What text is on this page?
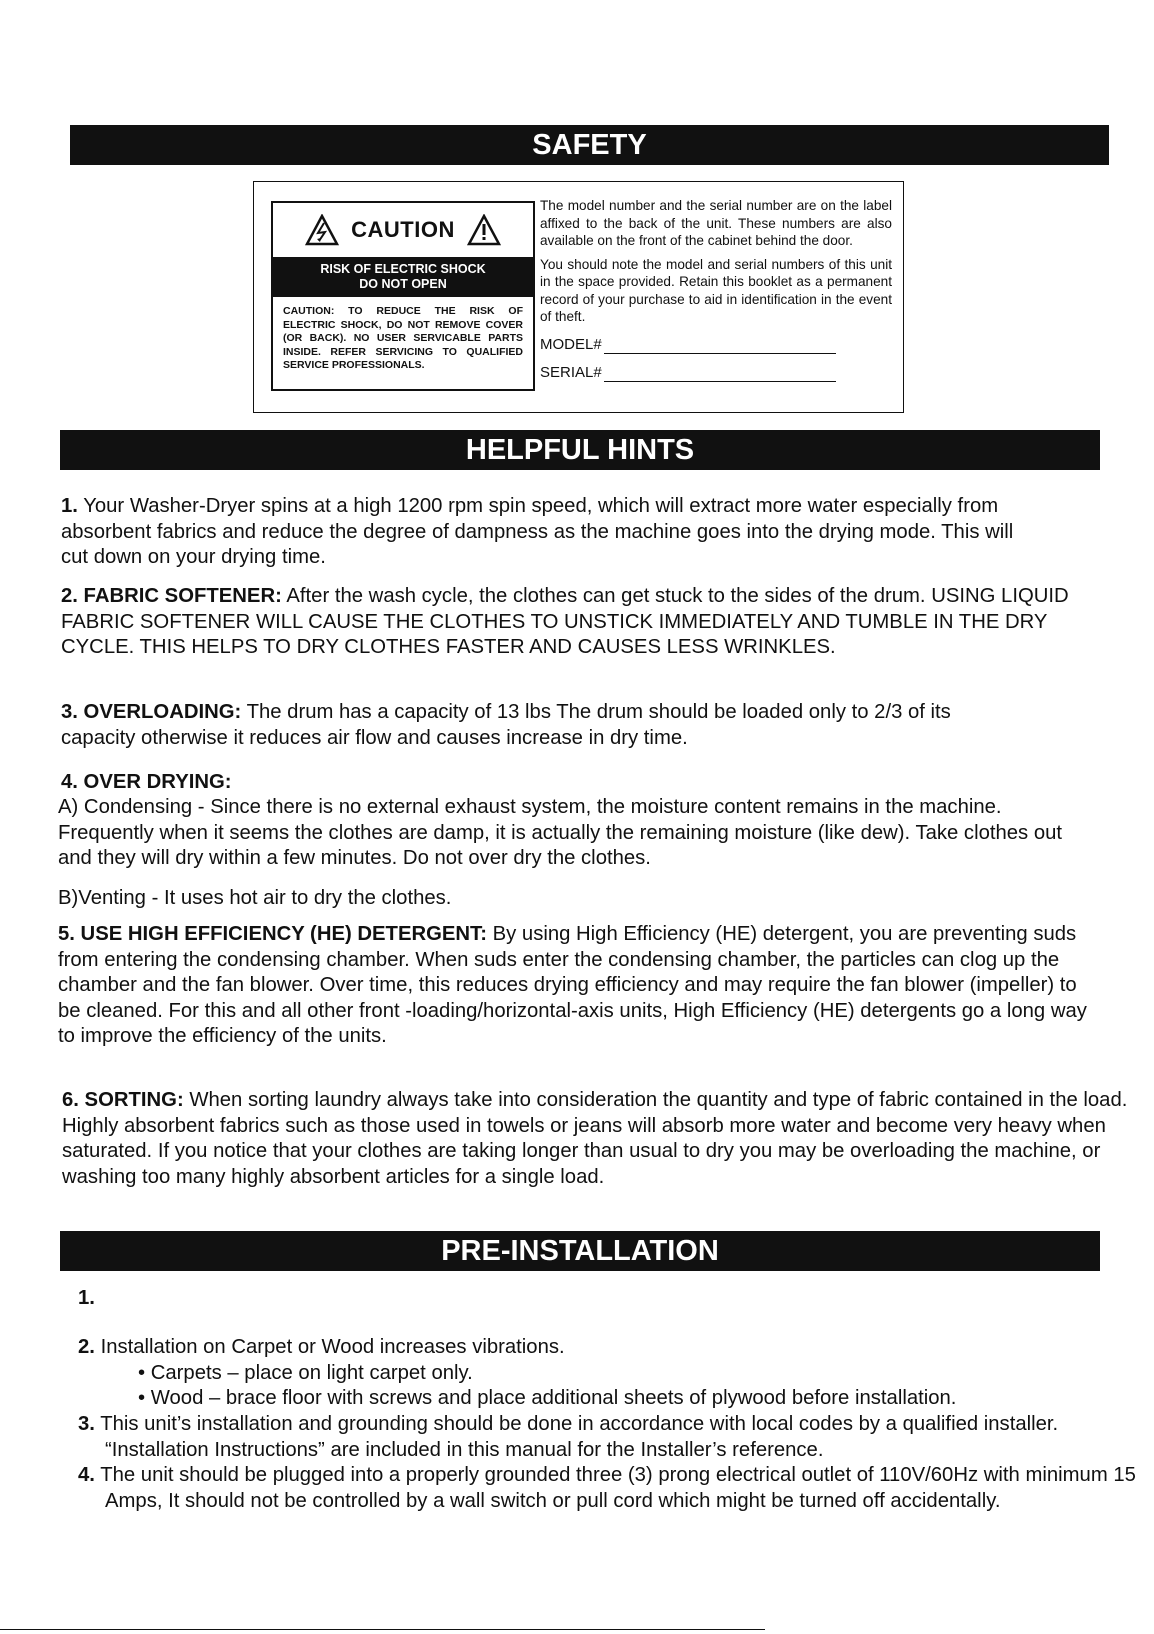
SAFETY
CAUTION
RISK OF ELECTRIC SHOCK
DO NOT OPEN
CAUTION: TO REDUCE THE RISK OF ELECTRIC SHOCK, DO NOT REMOVE COVER (OR BACK). NO USER SERVICABLE PARTS INSIDE. REFER SERVICING TO QUALIFIED SERVICE PROFESSIONALS.

The model number and the serial number are on the label affixed to the back of the unit. These numbers are also available on the front of the cabinet behind the door.

You should note the model and serial numbers of this unit in the space provided. Retain this booklet as a permanent record of your purchase to aid in identification in the event of theft.

MODEL#
SERIAL#
HELPFUL HINTS
1. Your Washer-Dryer spins at a high 1200 rpm spin speed, which will extract more water especially from absorbent fabrics and reduce the degree of dampness as the machine goes into the drying mode. This will cut down on your drying time.
2. FABRIC SOFTENER: After the wash cycle, the clothes can get stuck to the sides of the drum. USING LIQUID FABRIC SOFTENER WILL CAUSE THE CLOTHES TO UNSTICK IMMEDIATELY AND TUMBLE IN THE DRY CYCLE. THIS HELPS TO DRY CLOTHES FASTER AND CAUSES LESS WRINKLES.
3. OVERLOADING: The drum has a capacity of 13 lbs The drum should be loaded only to 2/3 of its capacity otherwise it reduces air flow and causes increase in dry time.
4. OVER DRYING:
A) Condensing - Since there is no external exhaust system, the moisture content remains in the machine. Frequently when it seems the clothes are damp, it is actually the remaining moisture (like dew). Take clothes out and they will dry within a few minutes. Do not over dry the clothes.
B)Venting - It uses hot air to dry the clothes.
5. USE HIGH EFFICIENCY (HE) DETERGENT: By using High Efficiency (HE) detergent, you are preventing suds from entering the condensing chamber. When suds enter the condensing chamber, the particles can clog up the chamber and the fan blower. Over time, this reduces drying efficiency and may require the fan blower (impeller) to be cleaned. For this and all other front -loading/horizontal-axis units, High Efficiency (HE) detergents go a long way to improve the efficiency of the units.
6. SORTING: When sorting laundry always take into consideration the quantity and type of fabric contained in the load. Highly absorbent fabrics such as those used in towels or jeans will absorb more water and become very heavy when saturated. If you notice that your clothes are taking longer than usual to dry you may be overloading the machine, or washing too many highly absorbent articles for a single load.
PRE-INSTALLATION
1.
2. Installation on Carpet or Wood increases vibrations.
• Carpets – place on light carpet only.
• Wood – brace floor with screws and place additional sheets of plywood before installation.
3. This unit’s installation and grounding should be done in accordance with local codes by a qualified installer. “Installation Instructions” are included in this manual for the Installer’s reference.
4. The unit should be plugged into a properly grounded three (3) prong electrical outlet of 110V/60Hz with minimum 15 Amps, It should not be controlled by a wall switch or pull cord which might be turned off accidentally.
